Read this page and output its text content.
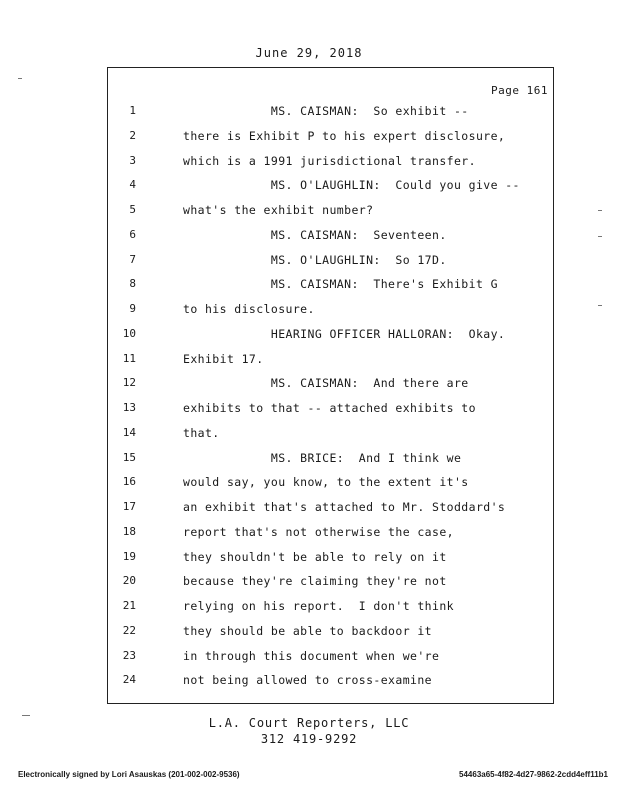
June 29, 2018
Page 161
1	MS. CAISMAN:  So exhibit --
2	there is Exhibit P to his expert disclosure,
3	which is a 1991 jurisdictional transfer.
4	MS. O'LAUGHLIN:  Could you give --
5	what's the exhibit number?
6	MS. CAISMAN:  Seventeen.
7	MS. O'LAUGHLIN:  So 17D.
8	MS. CAISMAN:  There's Exhibit G
9	to his disclosure.
10	HEARING OFFICER HALLORAN:  Okay.
11	Exhibit 17.
12	MS. CAISMAN:  And there are
13	exhibits to that -- attached exhibits to
14	that.
15	MS. BRICE:  And I think we
16	would say, you know, to the extent it's
17	an exhibit that's attached to Mr. Stoddard's
18	report that's not otherwise the case,
19	they shouldn't be able to rely on it
20	because they're claiming they're not
21	relying on his report.  I don't think
22	they should be able to backdoor it
23	in through this document when we're
24	not being allowed to cross-examine
L.A. Court Reporters, LLC
312 419-9292
Electronically signed by Lori Asauskas (201-002-002-9536)	54463a65-4f82-4d27-9862-2cdd4eff11b1
